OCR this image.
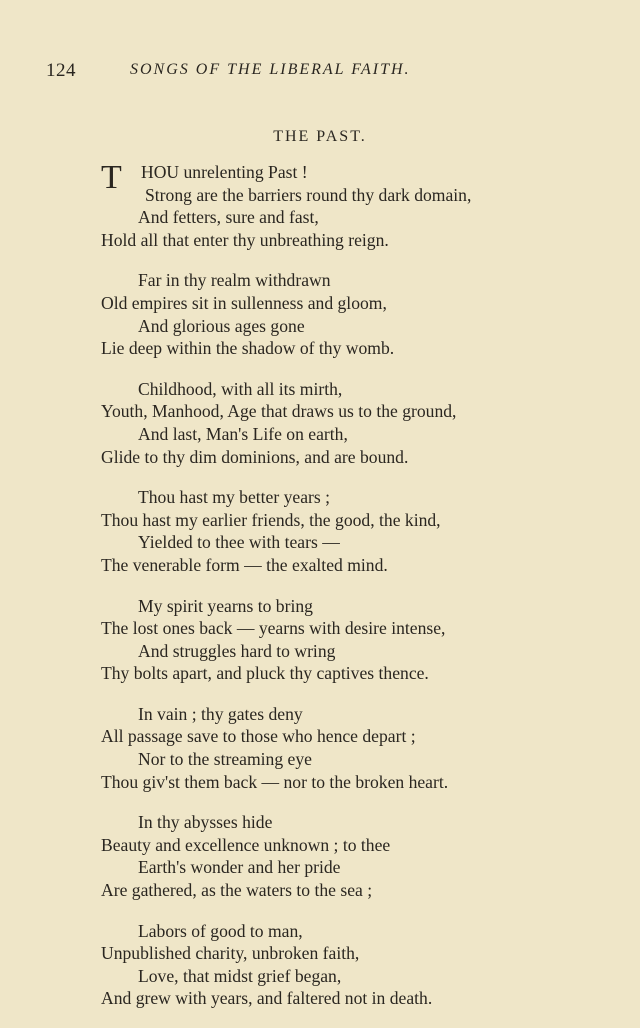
124	SONGS OF THE LIBERAL FAITH.
THE PAST.
T HOU unrelenting Past !
Strong are the barriers round thy dark domain,
And fetters, sure and fast,
Hold all that enter thy unbreathing reign.
Far in thy realm withdrawn
Old empires sit in sullenness and gloom,
And glorious ages gone
Lie deep within the shadow of thy womb.
Childhood, with all its mirth,
Youth, Manhood, Age that draws us to the ground,
And last, Man's Life on earth,
Glide to thy dim dominions, and are bound.
Thou hast my better years ;
Thou hast my earlier friends, the good, the kind,
Yielded to thee with tears —
The venerable form — the exalted mind.
My spirit yearns to bring
The lost ones back — yearns with desire intense,
And struggles hard to wring
Thy bolts apart, and pluck thy captives thence.
In vain ; thy gates deny
All passage save to those who hence depart ;
Nor to the streaming eye
Thou giv'st them back — nor to the broken heart.
In thy abysses hide
Beauty and excellence unknown ; to thee
Earth's wonder and her pride
Are gathered, as the waters to the sea ;
Labors of good to man,
Unpublished charity, unbroken faith,
Love, that midst grief began,
And grew with years, and faltered not in death.
